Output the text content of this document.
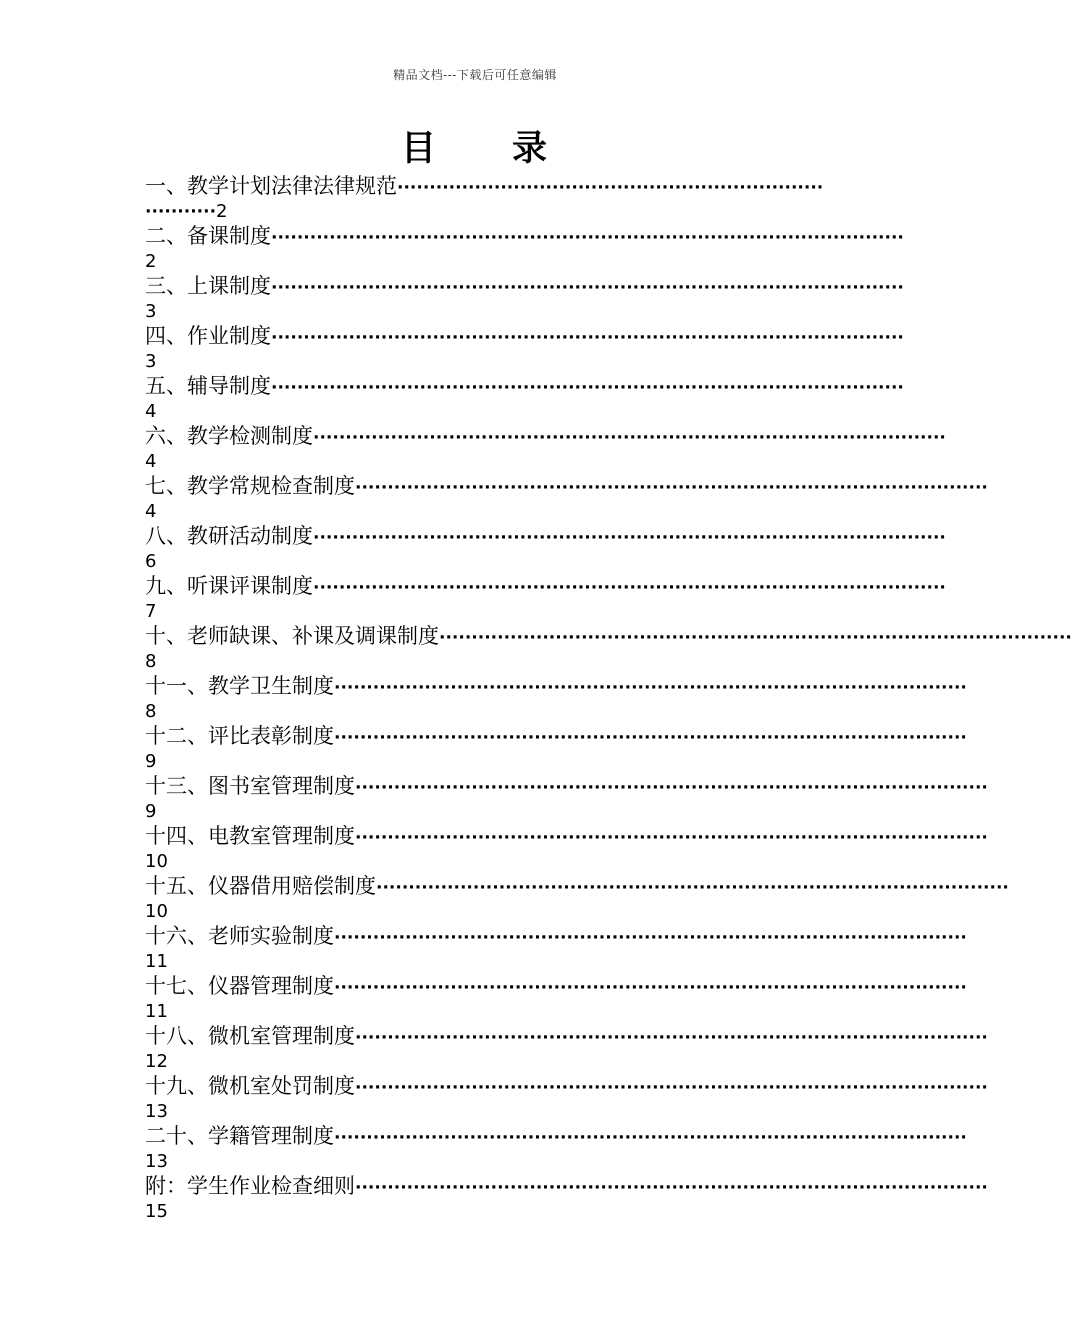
精品文档---下载后可任意编辑
目　　录
一、教学计划法律法律规范 ··································································
···········2
二、备课制度 ··································································································
2
三、上课制度 ··································································································
3
四、作业制度 ··································································································
3
五、辅导制度 ··································································································
4
六、教学检测制度 ··································································································
4
七、教学常规检查制度 ··································································································
4
八、教研活动制度 ··································································································
6
九、听课评课制度 ··································································································
7
十、老师缺课、补课及调课制度 ··································································································
8
十一、教学卫生制度 ··································································································
8
十二、评比表彰制度 ··································································································
9
十三、图书室管理制度 ··································································································
9
十四、电教室管理制度 ··································································································
10
十五、仪器借用赔偿制度 ··································································································
10
十六、老师实验制度 ··································································································
11
十七、仪器管理制度 ··································································································
11
十八、微机室管理制度 ··································································································
12
十九、微机室处罚制度 ··································································································
13
二十、学籍管理制度 ··································································································
13
附：学生作业检查细则 ··································································································
15
